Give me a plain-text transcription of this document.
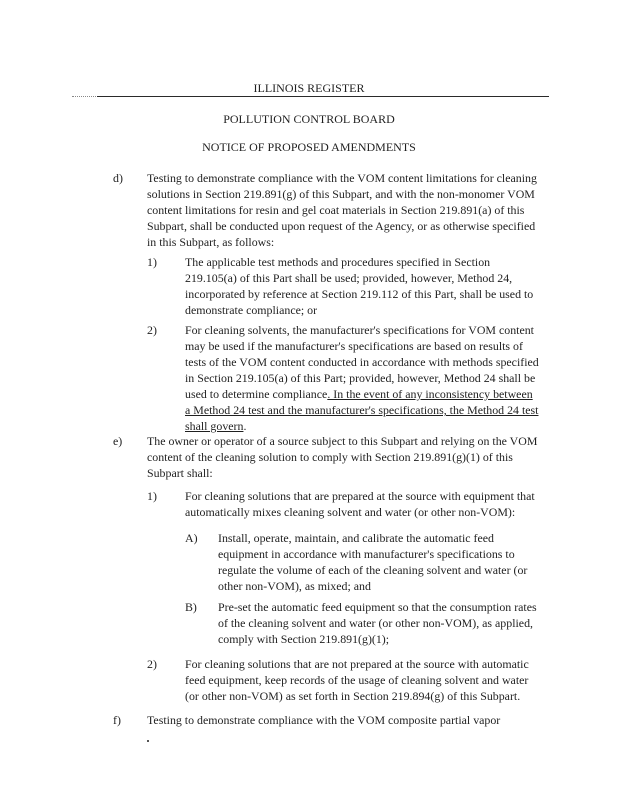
ILLINOIS REGISTER
POLLUTION CONTROL BOARD
NOTICE OF PROPOSED AMENDMENTS
d) Testing to demonstrate compliance with the VOM content limitations for cleaning
solutions in Section 219.891(g) of this Subpart, and with the non-monomer VOM
content limitations for resin and gel coat materials in Section 219.891(a) of this
Subpart, shall be conducted upon request of the Agency, or as otherwise specified
in this Subpart, as follows:
1) The applicable test methods and procedures specified in Section
219.105(a) of this Part shall be used; provided, however, Method 24,
incorporated by reference at Section 219.112 of this Part, shall be used to
demonstrate compliance; or
2) For cleaning solvents, the manufacturer's specifications for VOM content
may be used if the manufacturer's specifications are based on results of
tests of the VOM content conducted in accordance with methods specified
in Section 219.105(a) of this Part; provided, however, Method 24 shall be
used to determine compliance. In the event of any inconsistency between
a Method 24 test and the manufacturer's specifications, the Method 24 test
shall govern.
e) The owner or operator of a source subject to this Subpart and relying on the VOM
content of the cleaning solution to comply with Section 219.891(g)(1) of this
Subpart shall:
1) For cleaning solutions that are prepared at the source with equipment that
automatically mixes cleaning solvent and water (or other non-VOM):
A) Install, operate, maintain, and calibrate the automatic feed
equipment in accordance with manufacturer's specifications to
regulate the volume of each of the cleaning solvent and water (or
other non-VOM), as mixed; and
B) Pre-set the automatic feed equipment so that the consumption rates
of the cleaning solvent and water (or other non-VOM), as applied,
comply with Section 219.891(g)(1);
2) For cleaning solutions that are not prepared at the source with automatic
feed equipment, keep records of the usage of cleaning solvent and water
(or other non-VOM) as set forth in Section 219.894(g) of this Subpart.
f) Testing to demonstrate compliance with the VOM composite partial vapor
